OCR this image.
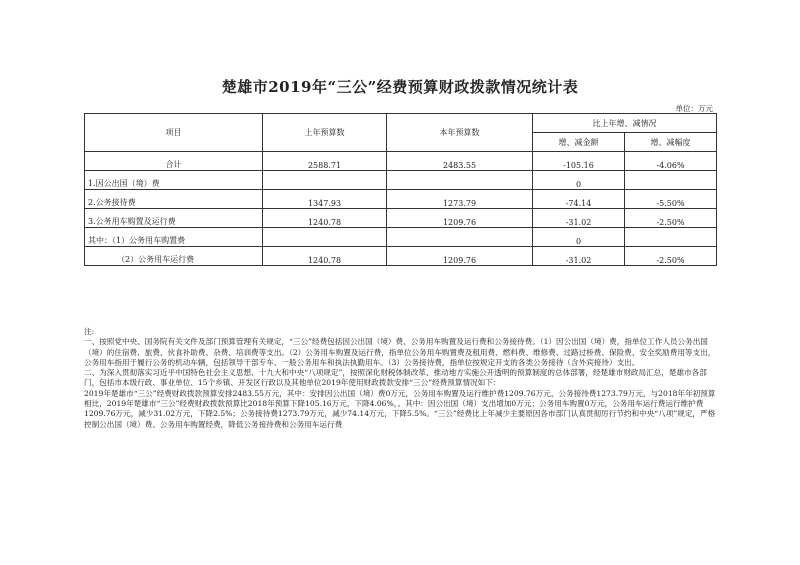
楚雄市2019年“三公”经费预算财政拨款情况统计表
单位：万元
项目	上年预算数	本年预算数	比上年增、减情况	
			增、减金额	增、减幅度
合计	2588.71	2483.55	-105.16	-4.06%
1.因公出国（境）费			0	
2.公务接待费	1347.93	1273.79	-74.14	-5.50%
3.公务用车购置及运行费	1240.78	1209.76	-31.02	-2.50%
其中：（1）公务用车购置费			0	
（2）公务用车运行费	1240.78	1209.76	-31.02	-2.50%

注:

一、按照党中央、国务院有关文件及部门预算管理有关规定，“三公”经费包括因公出国（境）费、公务用车购置及运行费和公务接待费。（1）因公出国（境）费，指单位工作人员公务出国（境）的住宿费、旅费、伙食补助费、杂费、培训费等支出。（2）公务用车购置及运行费，指单位公务用车购置费及租用费、燃料费、维修费、过路过桥费、保险费、安全奖励费用等支出，公务用车指用于履行公务的机动车辆，包括领导干部专车、一般公务用车和执法执勤用车。（3）公务接待费，指单位按规定开支的各类公务接待（含外宾接待）支出。

二、为深入贯彻落实习近平中国特色社会主义思想、十九大和中央“八项规定”，按照深化财税体制改革、推动地方实施公开透明的预算制度的总体部署，经楚雄市财政局汇总，楚雄市各部门，包括市本级行政、事业单位、15个乡镇、开发区行政以及其他单位2019年使用财政拨款安排“三公”经费预算情况如下：

2019年楚雄市“三公”经费财政拨款预算安排2483.55万元，其中：安排因公出国（境）费0万元，公务用车购置及运行维护费1209.76万元，公务接待费1273.79万元，与2018年年初预算相比，2019年楚雄市“三公”经费财政拨款预算比2018年预算下降105.16万元，下降4.06%，。其中：因公出国（境）支出增加0万元；公务用车购置0万元，公务用车运行费运行维护费1209.76万元，减少31.02万元，下降2.5%；公务接待费1273.79万元，减少74.14万元，下降5.5%。“三公”经费比上年减少主要原因各市部门认真贯彻厉行节约和中央“八项”规定，严格控制公出国（境）费、公务用车购置经费，降低公务接待费和公务用车运行费
